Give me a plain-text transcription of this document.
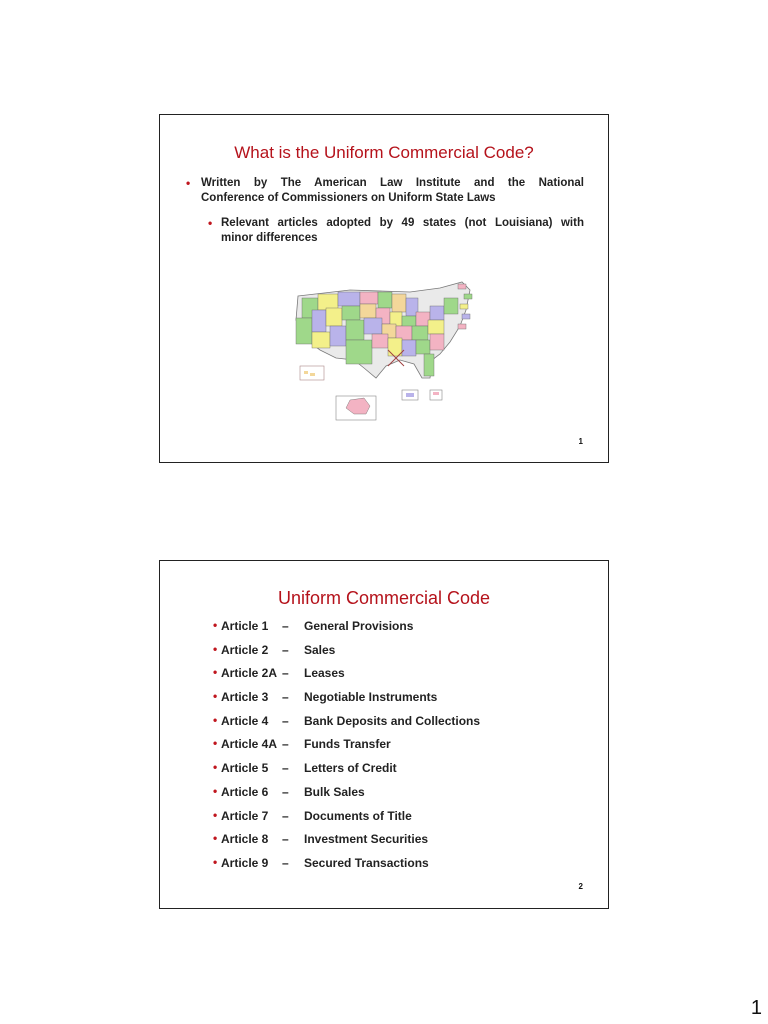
What is the Uniform Commercial Code?
• Written by The American Law Institute and the National
Conference of Commissioners on Uniform State Laws
• Relevant articles adopted by 49 states (not Louisiana) with
minor differences
1
Uniform Commercial Code
• Article 1 – General Provisions
• Article 2 – Sales
• Article 2A – Leases
• Article 3 – Negotiable Instruments
• Article 4 – Bank Deposits and Collections
• Article 4A – Funds Transfer
• Article 5 – Letters of Credit
• Article 6 – Bulk Sales
• Article 7 – Documents of Title
• Article 8 – Investment Securities
• Article 9 – Secured Transactions
2
1
